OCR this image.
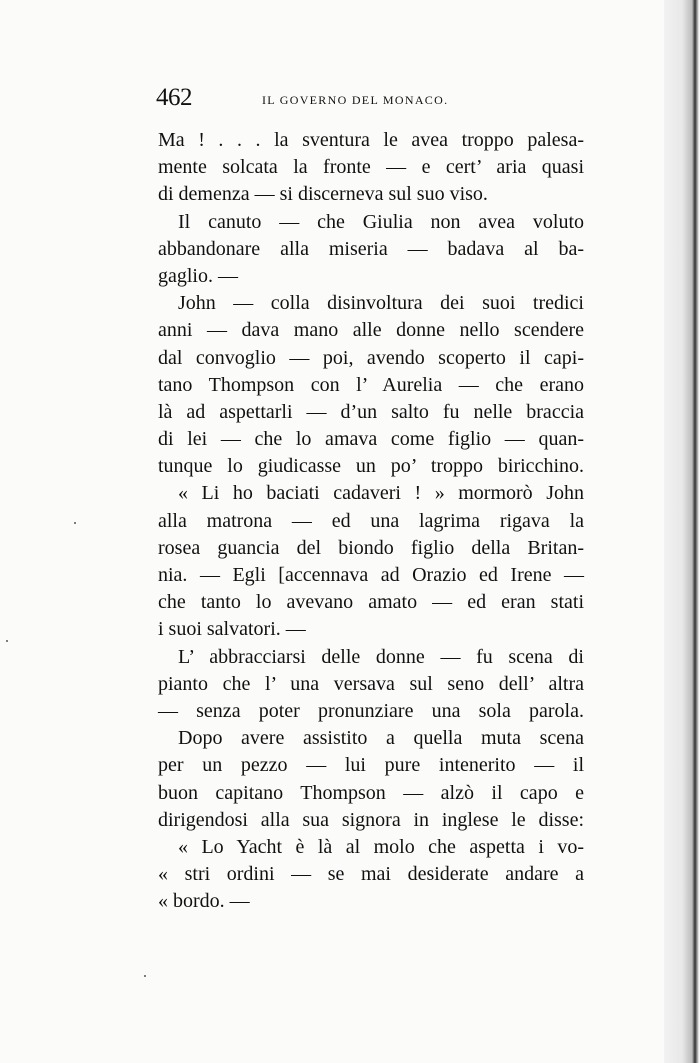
462	IL GOVERNO DEL MONACO.
Ma ! . . . la sventura le avea troppo palesa-
mente solcata la fronte — e cert’ aria quasi
di demenza — si discerneva sul suo viso.
Il canuto — che Giulia non avea voluto
abbandonare alla miseria — badava al ba-
gaglio. —
John — colla disinvoltura dei suoi tredici
anni — dava mano alle donne nello scendere
dal convoglio — poi, avendo scoperto il capi-
tano Thompson con l’ Aurelia — che erano
là ad aspettarli — d’un salto fu nelle braccia
di lei — che lo amava come figlio — quan-
tunque lo giudicasse un po’ troppo biricchino.
« Li ho baciati cadaveri ! » mormorò John
alla matrona — ed una lagrima rigava la
rosea guancia del biondo figlio della Britan-
nia. — Egli [accennava ad Orazio ed Irene —
che tanto lo avevano amato — ed eran stati
i suoi salvatori. —
L’ abbracciarsi delle donne — fu scena di
pianto che l’ una versava sul seno dell’ altra
— senza poter pronunziare una sola parola.
Dopo avere assistito a quella muta scena
per un pezzo — lui pure intenerito — il
buon capitano Thompson — alzò il capo e
dirigendosi alla sua signora in inglese le disse:
« Lo Yacht è là al molo che aspetta i vo-
« stri ordini — se mai desiderate andare a
« bordo. —
